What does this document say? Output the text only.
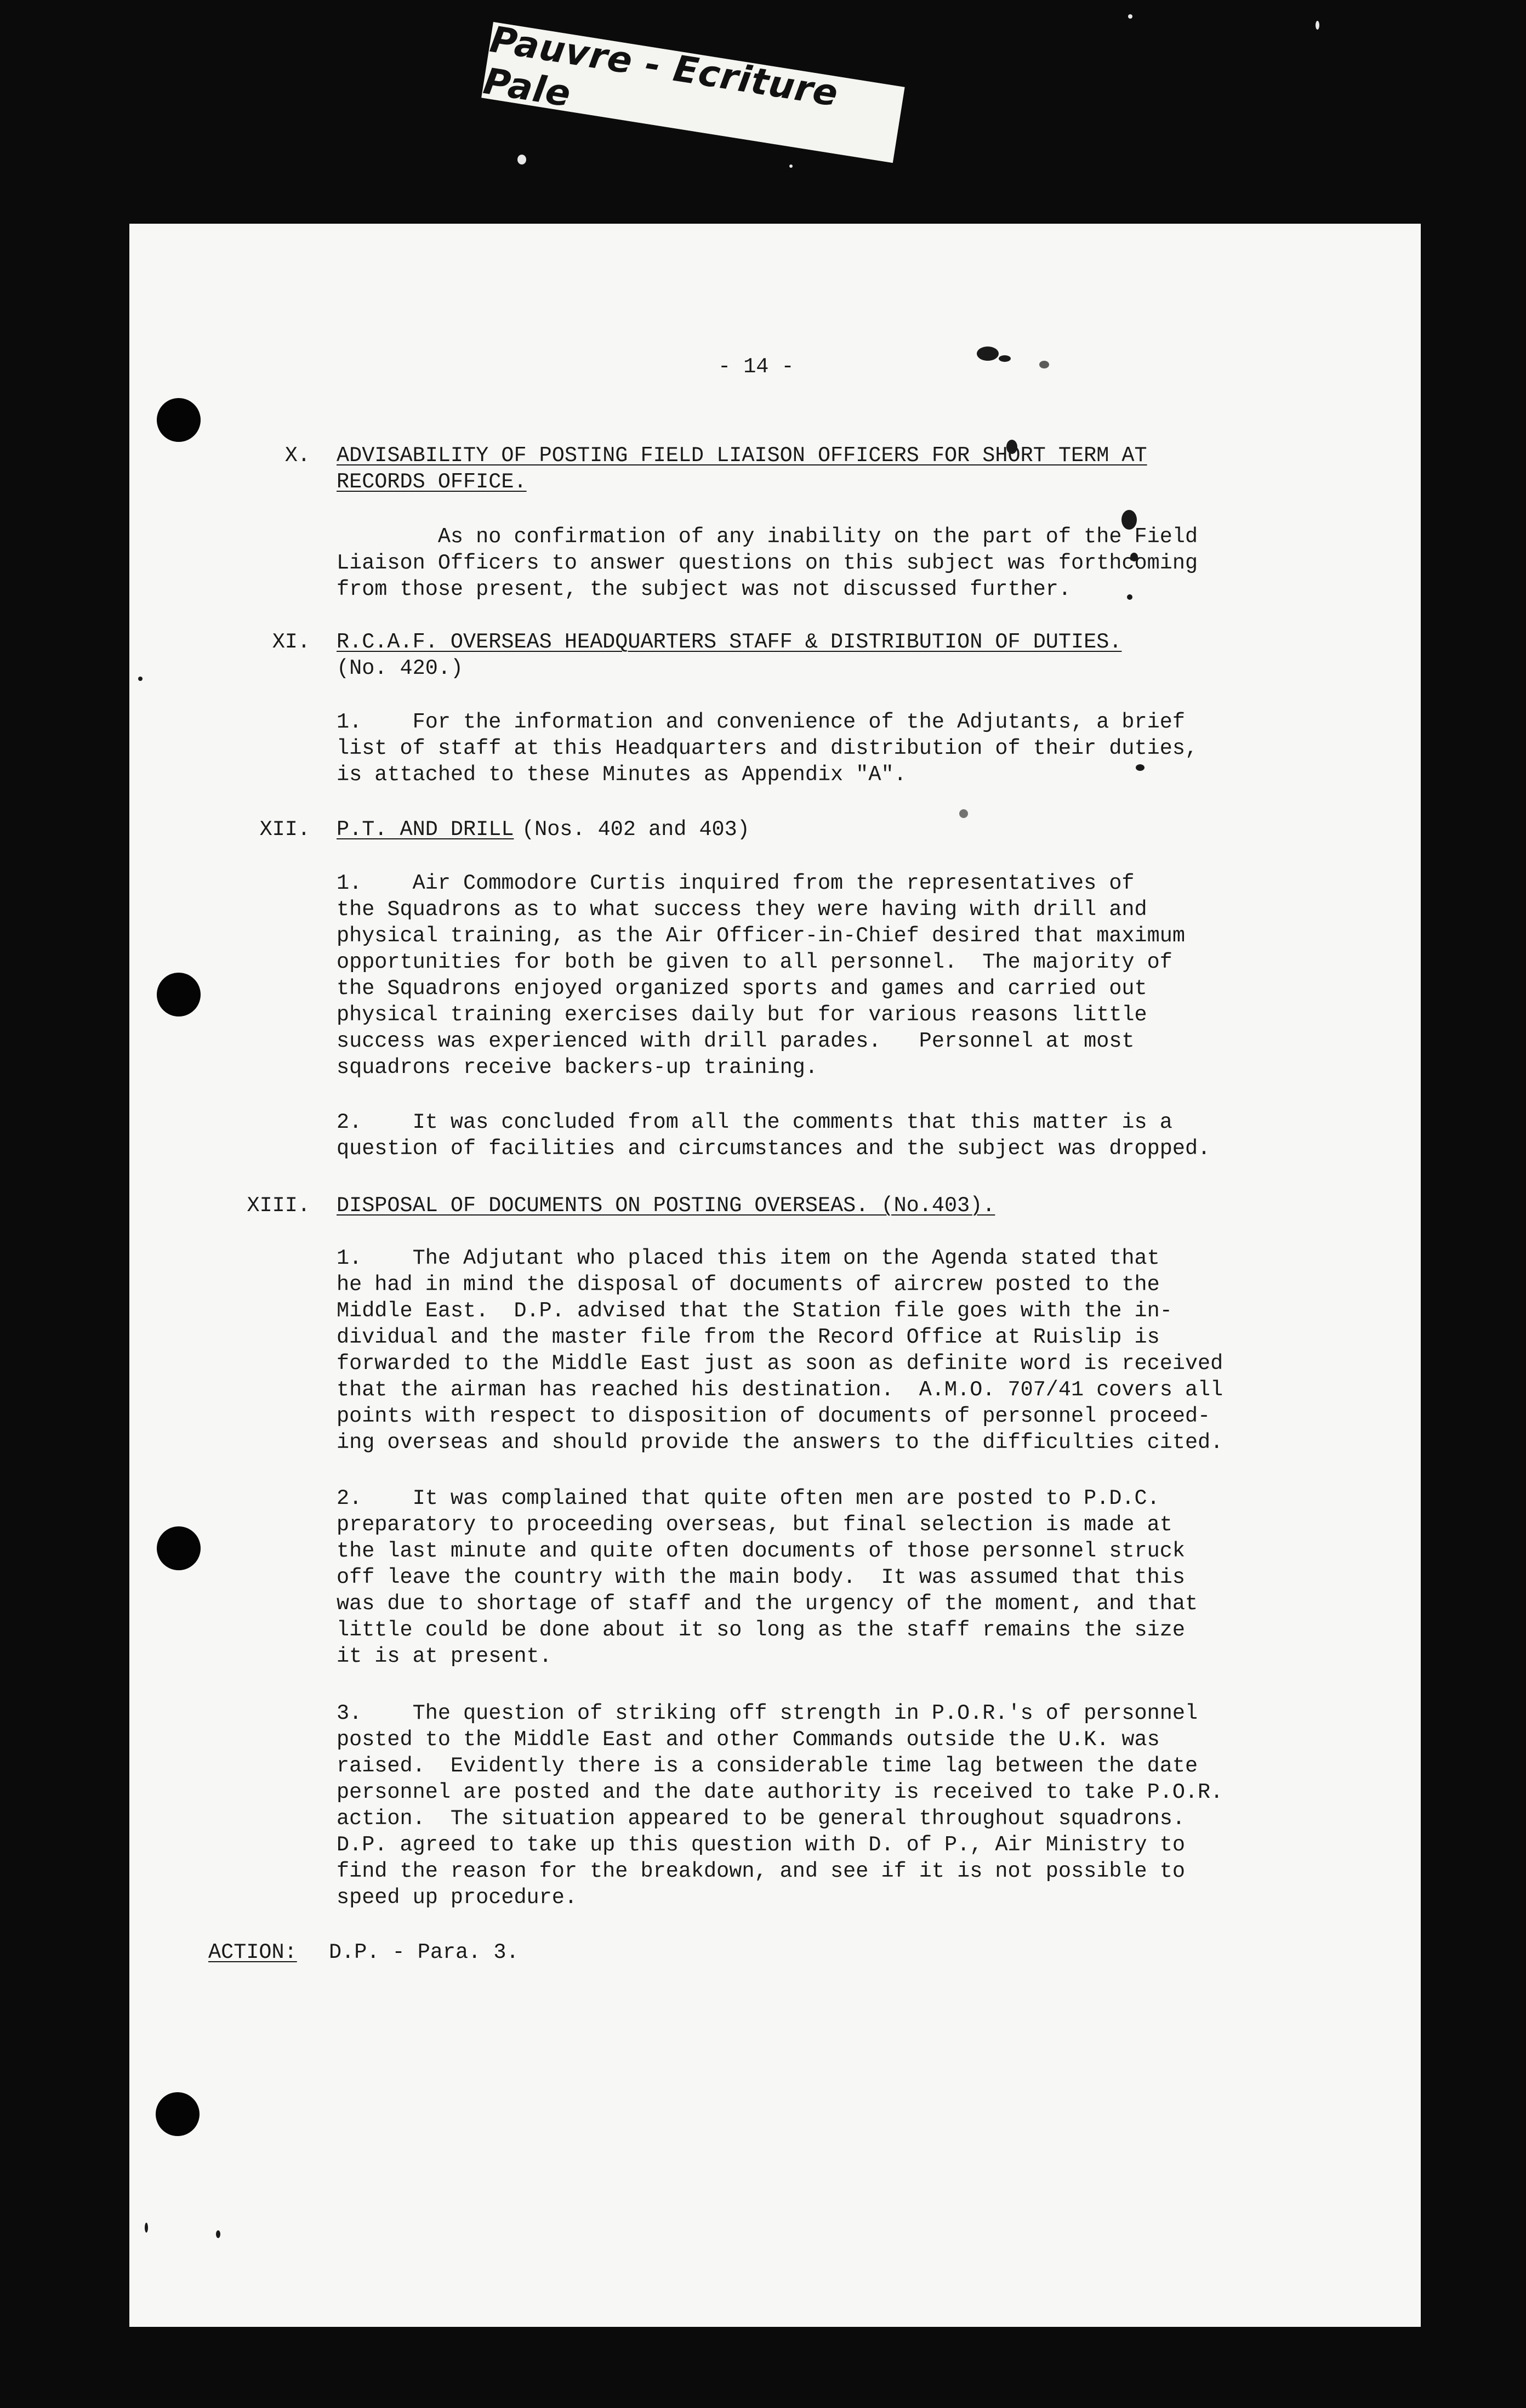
Pauvre - Ecriture Pale
- 14 -
X. ADVISABILITY OF POSTING FIELD LIAISON OFFICERS FOR SHORT TERM AT
RECORDS OFFICE.
As no confirmation of any inability on the part of the Field
Liaison Officers to answer questions on this subject was forthcoming
from those present, the subject was not discussed further.
XI. R.C.A.F. OVERSEAS HEADQUARTERS STAFF & DISTRIBUTION OF DUTIES.
(No. 420.)
1.    For the information and convenience of the Adjutants, a brief
list of staff at this Headquarters and distribution of their duties,
is attached to these Minutes as Appendix "A".
XII. P.T. AND DRILL (Nos. 402 and 403)
1.    Air Commodore Curtis inquired from the representatives of
the Squadrons as to what success they were having with drill and
physical training, as the Air Officer-in-Chief desired that maximum
opportunities for both be given to all personnel.  The majority of
the Squadrons enjoyed organized sports and games and carried out
physical training exercises daily but for various reasons little
success was experienced with drill parades.   Personnel at most
squadrons receive backers-up training.
2.    It was concluded from all the comments that this matter is a
question of facilities and circumstances and the subject was dropped.
XIII. DISPOSAL OF DOCUMENTS ON POSTING OVERSEAS. (No.403).
1.    The Adjutant who placed this item on the Agenda stated that
he had in mind the disposal of documents of aircrew posted to the
Middle East.  D.P. advised that the Station file goes with the in-
dividual and the master file from the Record Office at Ruislip is
forwarded to the Middle East just as soon as definite word is received
that the airman has reached his destination.  A.M.O. 707/41 covers all
points with respect to disposition of documents of personnel proceed-
ing overseas and should provide the answers to the difficulties cited.
2.    It was complained that quite often men are posted to P.D.C.
preparatory to proceeding overseas, but final selection is made at
the last minute and quite often documents of those personnel struck
off leave the country with the main body.  It was assumed that this
was due to shortage of staff and the urgency of the moment, and that
little could be done about it so long as the staff remains the size
it is at present.
3.    The question of striking off strength in P.O.R.'s of personnel
posted to the Middle East and other Commands outside the U.K. was
raised.  Evidently there is a considerable time lag between the date
personnel are posted and the date authority is received to take P.O.R.
action.  The situation appeared to be general throughout squadrons.
D.P. agreed to take up this question with D. of P., Air Ministry to
find the reason for the breakdown, and see if it is not possible to
speed up procedure.
ACTION: D.P. - Para. 3.
